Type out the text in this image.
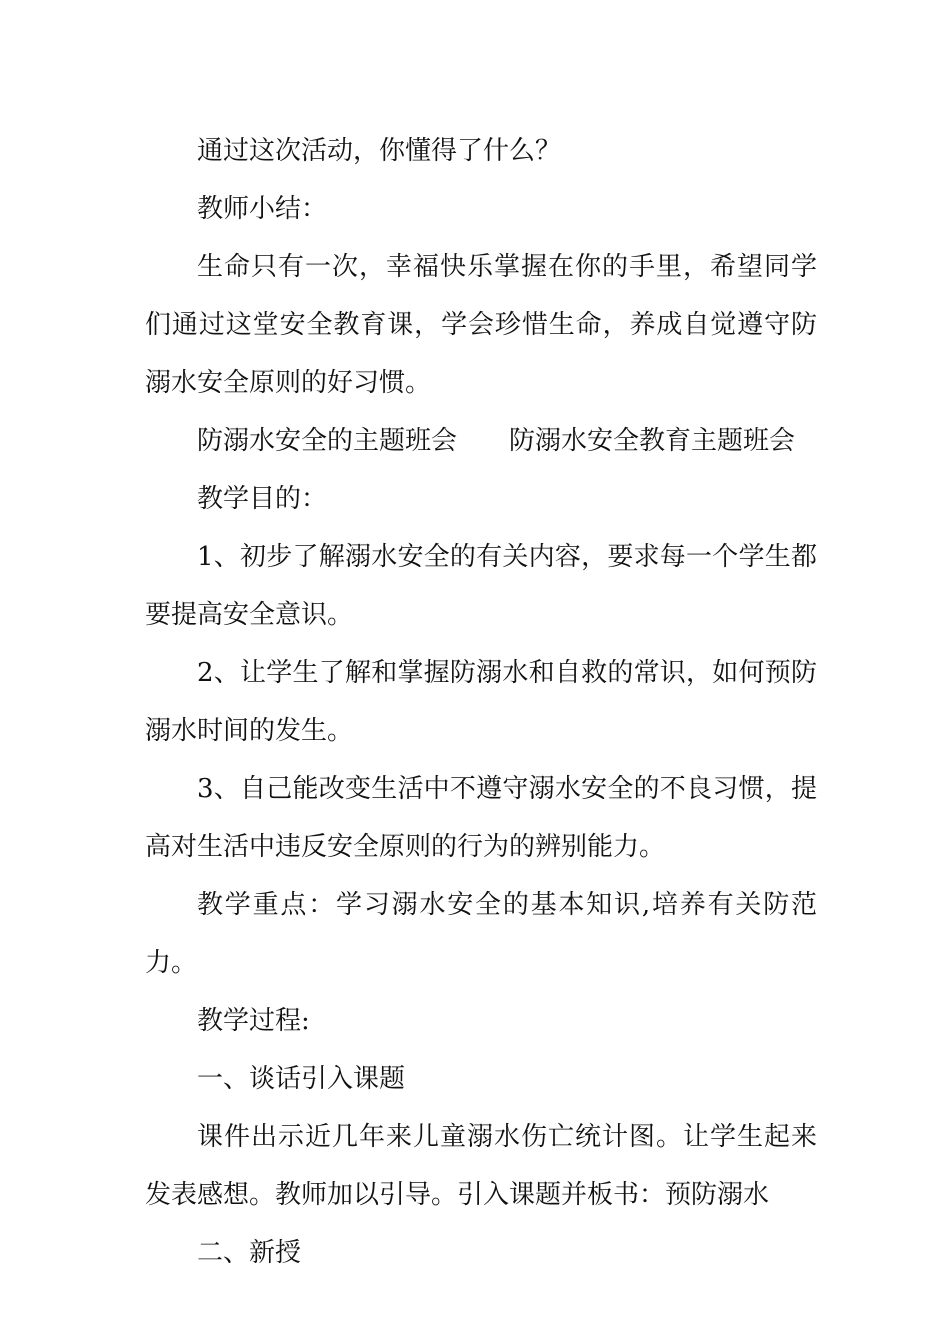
通过这次活动，你懂得了什么？

教师小结：

生命只有一次，幸福快乐掌握在你的手里，希望同学们通过这堂安全教育课，学会珍惜生命，养成自觉遵守防溺水安全原则的好习惯。

防溺水安全的主题班会 防溺水安全教育主题班会

教学目的：

1、初步了解溺水安全的有关内容，要求每一个学生都要提高安全意识。

2、让学生了解和掌握防溺水和自救的常识，如何预防溺水时间的发生。

3、自己能改变生活中不遵守溺水安全的不良习惯，提高对生活中违反安全原则的行为的辨别能力。

教学重点：学习溺水安全的基本知识,培养有关防范力。

教学过程:

一、谈话引入课题

课件出示近几年来儿童溺水伤亡统计图。让学生起来发表感想。教师加以引导。引入课题并板书：预防溺水

二、新授
